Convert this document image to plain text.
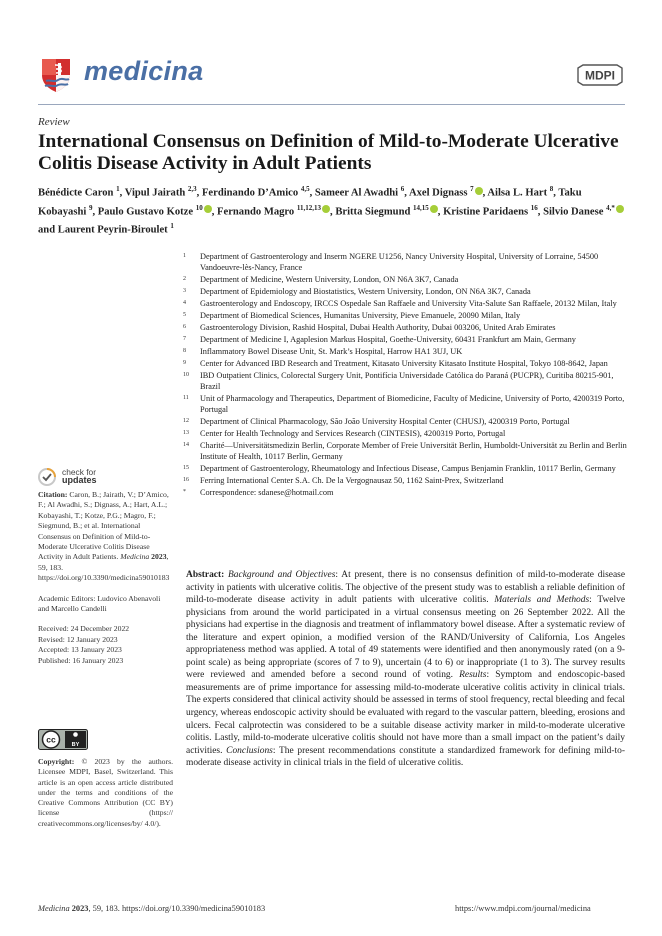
medicina	MDPI
Review
International Consensus on Definition of Mild-to-Moderate Ulcerative Colitis Disease Activity in Adult Patients
Bénédicte Caron $^1$, Vipul Jairath $^{2,3}$, Ferdinando D’Amico $^{4,5}$, Sameer Al Awadhi $^6$, Axel Dignass $^7$ , Ailsa L. Hart $^8$, Taku Kobayashi $^9$, Paulo Gustavo Kotze $^{10}$ , Fernando Magro $^{11,12,13}$ , Britta Siegmund $^{14,15}$ , Kristine Paridaens $^{16}$, Silvio Danese $^{4,*}$ and Laurent Peyrin-Biroulet $^1$
1	Department of Gastroenterology and Inserm NGERE U1256, Nancy University Hospital, University of Lorraine, 54500 Vandoeuvre-lès-Nancy, France
2	Department of Medicine, Western University, London, ON N6A 3K7, Canada
3	Department of Epidemiology and Biostatistics, Western University, London, ON N6A 3K7, Canada
4	Gastroenterology and Endoscopy, IRCCS Ospedale San Raffaele and University Vita-Salute San Raffaele, 20132 Milan, Italy
5	Department of Biomedical Sciences, Humanitas University, Pieve Emanuele, 20090 Milan, Italy
6	Gastroenterology Division, Rashid Hospital, Dubai Health Authority, Dubai 003206, United Arab Emirates
7	Department of Medicine I, Agaplesion Markus Hospital, Goethe-University, 60431 Frankfurt am Main, Germany
8	Inflammatory Bowel Disease Unit, St. Mark’s Hospital, Harrow HA1 3UJ, UK
9	Center for Advanced IBD Research and Treatment, Kitasato University Kitasato Institute Hospital, Tokyo 108-8642, Japan
10	IBD Outpatient Clinics, Colorectal Surgery Unit, Pontifícia Universidade Católica do Paraná (PUCPR), Curitiba 80215-901, Brazil
11	Unit of Pharmacology and Therapeutics, Department of Biomedicine, Faculty of Medicine, University of Porto, 4200319 Porto, Portugal
12	Department of Clinical Pharmacology, São João University Hospital Center (CHUSJ), 4200319 Porto, Portugal
13	Center for Health Technology and Services Research (CINTESIS), 4200319 Porto, Portugal
14	Charité—Universitätsmedizin Berlin, Corporate Member of Freie Universität Berlin, Humboldt-Universität zu Berlin and Berlin Institute of Health, 10117 Berlin, Germany
15	Department of Gastroenterology, Rheumatology and Infectious Disease, Campus Benjamin Franklin, 10117 Berlin, Germany
16	Ferring International Center S.A. Ch. De la Vergognausaz 50, 1162 Saint-Prex, Switzerland
*	Correspondence: sdanese@hotmail.com
check for
updates
Citation: Caron, B.; Jairath, V.; D’Amico, F.; Al Awadhi, S.; Dignass, A.; Hart, A.L.; Kobayashi, T.; Kotze, P.G.; Magro, F.; Siegmund, B.; et al. International Consensus on Definition of Mild-to-Moderate Ulcerative Colitis Disease Activity in Adult Patients. Medicina 2023, 59, 183. https://doi.org/10.3390/medicina59010183
Academic Editors: Ludovico Abenavoli and Marcello Candelli
Received: 24 December 2022
Revised: 12 January 2023
Accepted: 13 January 2023
Published: 16 January 2023
cc
BY
Copyright: © 2023 by the authors. Licensee MDPI, Basel, Switzerland. This article is an open access article distributed under the terms and conditions of the Creative Commons Attribution (CC BY) license (https:// creativecommons.org/licenses/by/ 4.0/).
Abstract: Background and Objectives: At present, there is no consensus definition of mild-to-moderate disease activity in patients with ulcerative colitis. The objective of the present study was to establish a reliable definition of mild-to-moderate disease activity in adult patients with ulcerative colitis. Materials and Methods: Twelve physicians from around the world participated in a virtual consensus meeting on 26 September 2022. All the physicians had expertise in the diagnosis and treatment of inflammatory bowel disease. After a systematic review of the literature and expert opinion, a modified version of the RAND/University of California, Los Angeles appropriateness method was applied. A total of 49 statements were identified and then anonymously rated (on a 9-point scale) as being appropriate (scores of 7 to 9), uncertain (4 to 6) or inappropriate (1 to 3). The survey results were reviewed and amended before a second round of voting. Results: Symptom and endoscopic-based measurements are of prime importance for assessing mild-to-moderate ulcerative colitis activity in clinical trials. The experts considered that clinical activity should be assessed in terms of stool frequency, rectal bleeding and fecal urgency, whereas endoscopic activity should be evaluated with regard to the vascular pattern, bleeding, erosions and ulcers. Fecal calprotectin was considered to be a suitable disease activity marker in mild-to-moderate ulcerative colitis. Lastly, mild-to-moderate ulcerative colitis should not have more than a small impact on the patient’s daily activities. Conclusions: The present recommendations constitute a standardized framework for defining mild-to-moderate disease activity in clinical trials in the field of ulcerative colitis.
Medicina 2023, 59, 183. https://doi.org/10.3390/medicina59010183	https://www.mdpi.com/journal/medicina
